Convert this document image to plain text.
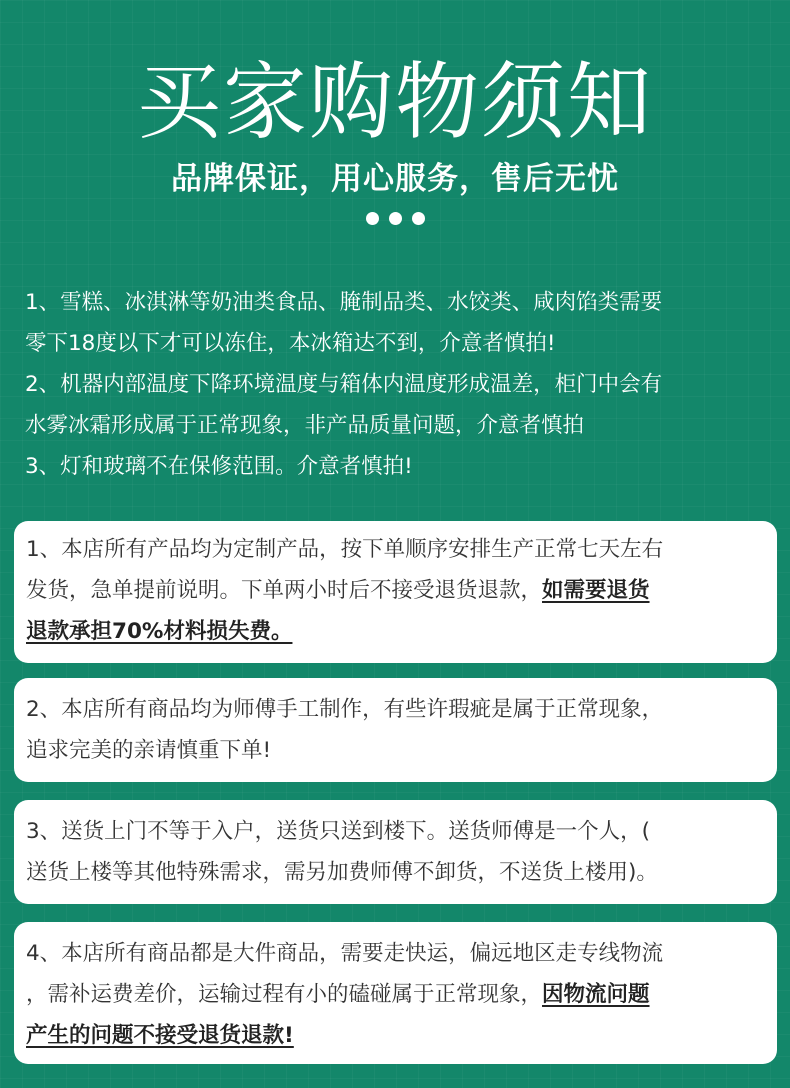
买家购物须知
品牌保证，用心服务，售后无忧

1、雪糕、冰淇淋等奶油类食品、腌制品类、水饺类、咸肉馅类需要

零下18度以下才可以冻住，本冰箱达不到，介意者慎拍!

2、机器内部温度下降环境温度与箱体内温度形成温差，柜门中会有

水雾冰霜形成属于正常现象，非产品质量问题，介意者慎拍

3、灯和玻璃不在保修范围。介意者慎拍!

1、本店所有产品均为定制产品，按下单顺序安排生产正常七天左右

发货，急单提前说明。下单两小时后不接受退货退款，如需要退货

退款承担70%材料损失费。

2、本店所有商品均为师傅手工制作，有些许瑕疵是属于正常现象，

追求完美的亲请慎重下单!

3、送货上门不等于入户，送货只送到楼下。送货师傅是一个人，(

送货上楼等其他特殊需求，需另加费师傅不卸货，不送货上楼用)。

4、本店所有商品都是大件商品，需要走快运，偏远地区走专线物流

，需补运费差价，运输过程有小的磕碰属于正常现象，因物流问题

产生的问题不接受退货退款!
